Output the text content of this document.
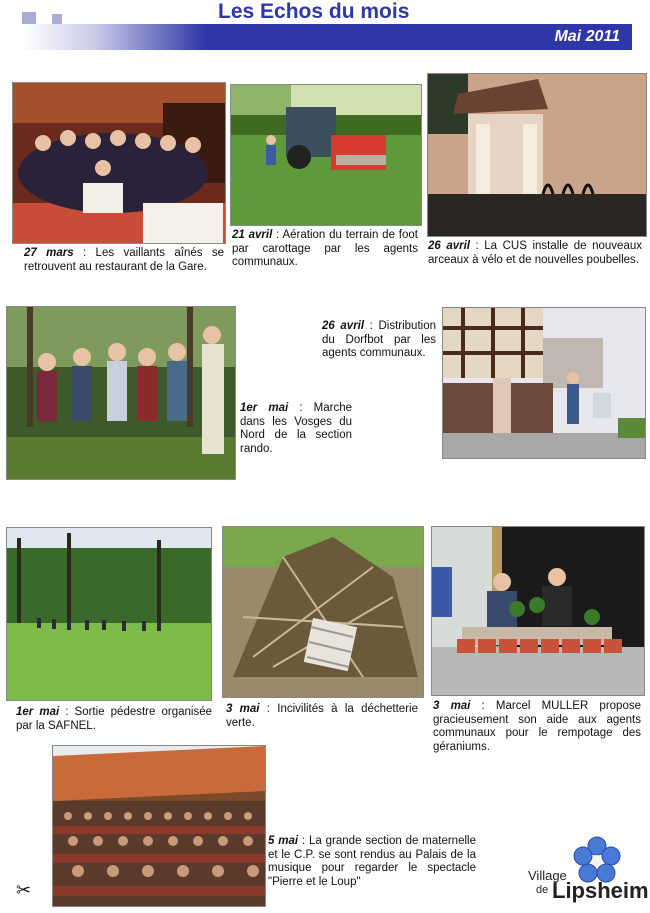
Les Echos du mois
Mai 2011
27 mars : Les vaillants aînés se retrouvent au restaurant de la Gare.
21 avril : Aération du terrain de foot par carottage par les agents communaux.
26 avril : La CUS installe de nouveaux arceaux à vélo et de nouvelles poubelles.
26 avril : Distribution du Dorfbot par les agents communaux.
1er mai : Marche dans les Vosges du Nord de la section rando.
1er mai : Sortie pédestre organisée par la SAFNEL.
3 mai : Incivilités à la déchetterie verte.
3 mai : Marcel MULLER propose gracieusement son aide aux agents communaux pour le rempotage des géraniums.
5 mai : La grande section de maternelle et le C.P. se sont rendus au Palais de la musique pour regarder le spectacle "Pierre et le Loup"
✂
Village
de Lipsheim
